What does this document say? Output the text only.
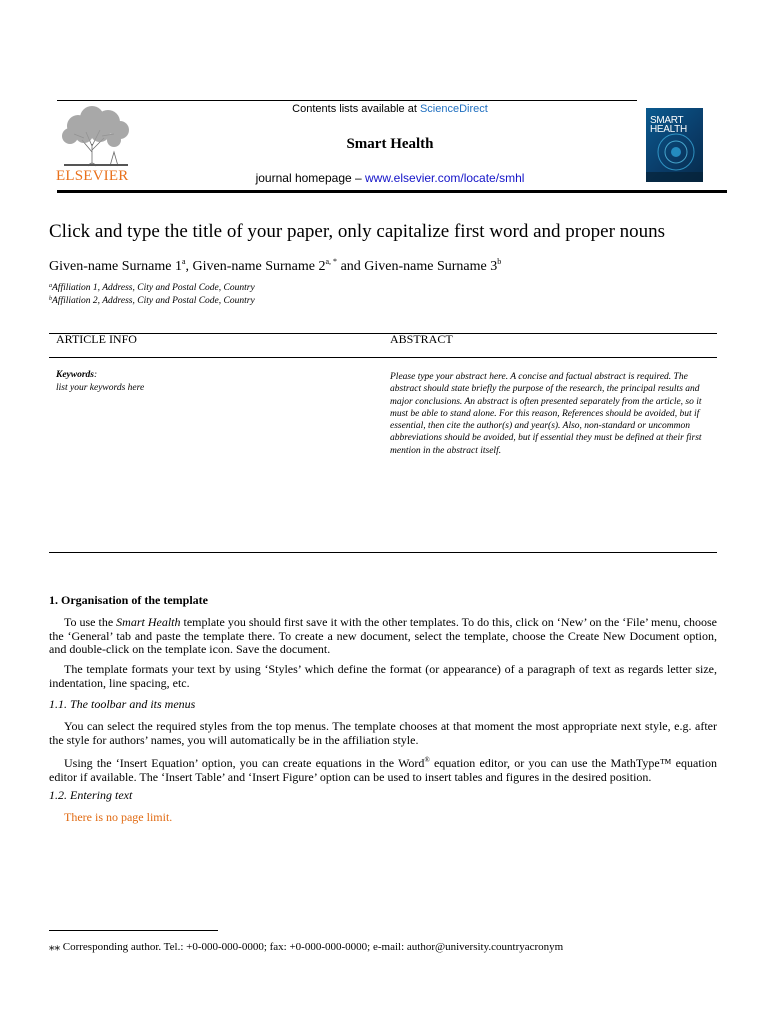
ELSEVIER
Contents lists available at ScienceDirect
Smart Health
journal homepage – www.elsevier.com/locate/smhl
SMART HEALTH
Click and type the title of your paper, only capitalize first word and proper nouns
Given-name Surname 1$^a$, Given-name Surname $2^{a, *}$ and Given-name Surname 3$^b$
$^a$Affiliation 1, Address, City and Postal Code, Country
$^b$Affiliation 2, Address, City and Postal Code, Country
ARTICLE INFO	ABSTRACT
Keywords:
list your keywords here
Please type your abstract here. A concise and factual abstract is required. The abstract should state briefly the purpose of the research, the principal results and major conclusions. An abstract is often presented separately from the article, so it must be able to stand alone. For this reason, References should be avoided, but if essential, then cite the author(s) and year(s). Also, non-standard or uncommon abbreviations should be avoided, but if essential they must be defined at their first mention in the abstract itself.
1. Organisation of the template
To use the Smart Health template you should first save it with the other templates. To do this, click on ‘New’ on the ‘File’ menu, choose the ‘General’ tab and paste the template there. To create a new document, select the template, choose the Create New Document option, and double-click on the template icon. Save the document.
The template formats your text by using ‘Styles’ which define the format (or appearance) of a paragraph of text as regards letter size, indentation, line spacing, etc.
1.1. The toolbar and its menus
You can select the required styles from the top menus. The template chooses at that moment the most appropriate next style, e.g. after the style for authors’ names, you will automatically be in the affiliation style.
Using the ‘Insert Equation’ option, you can create equations in the Word® equation editor, or you can use the MathType™ equation editor if available. The ‘Insert Table’ and ‘Insert Figure’ option can be used to insert tables and figures in the desired position.
1.2. Entering text
There is no page limit.
⁎⁎ Corresponding author. Tel.: +0-000-000-0000; fax: +0-000-000-0000; e-mail: author@university.countryacronym
